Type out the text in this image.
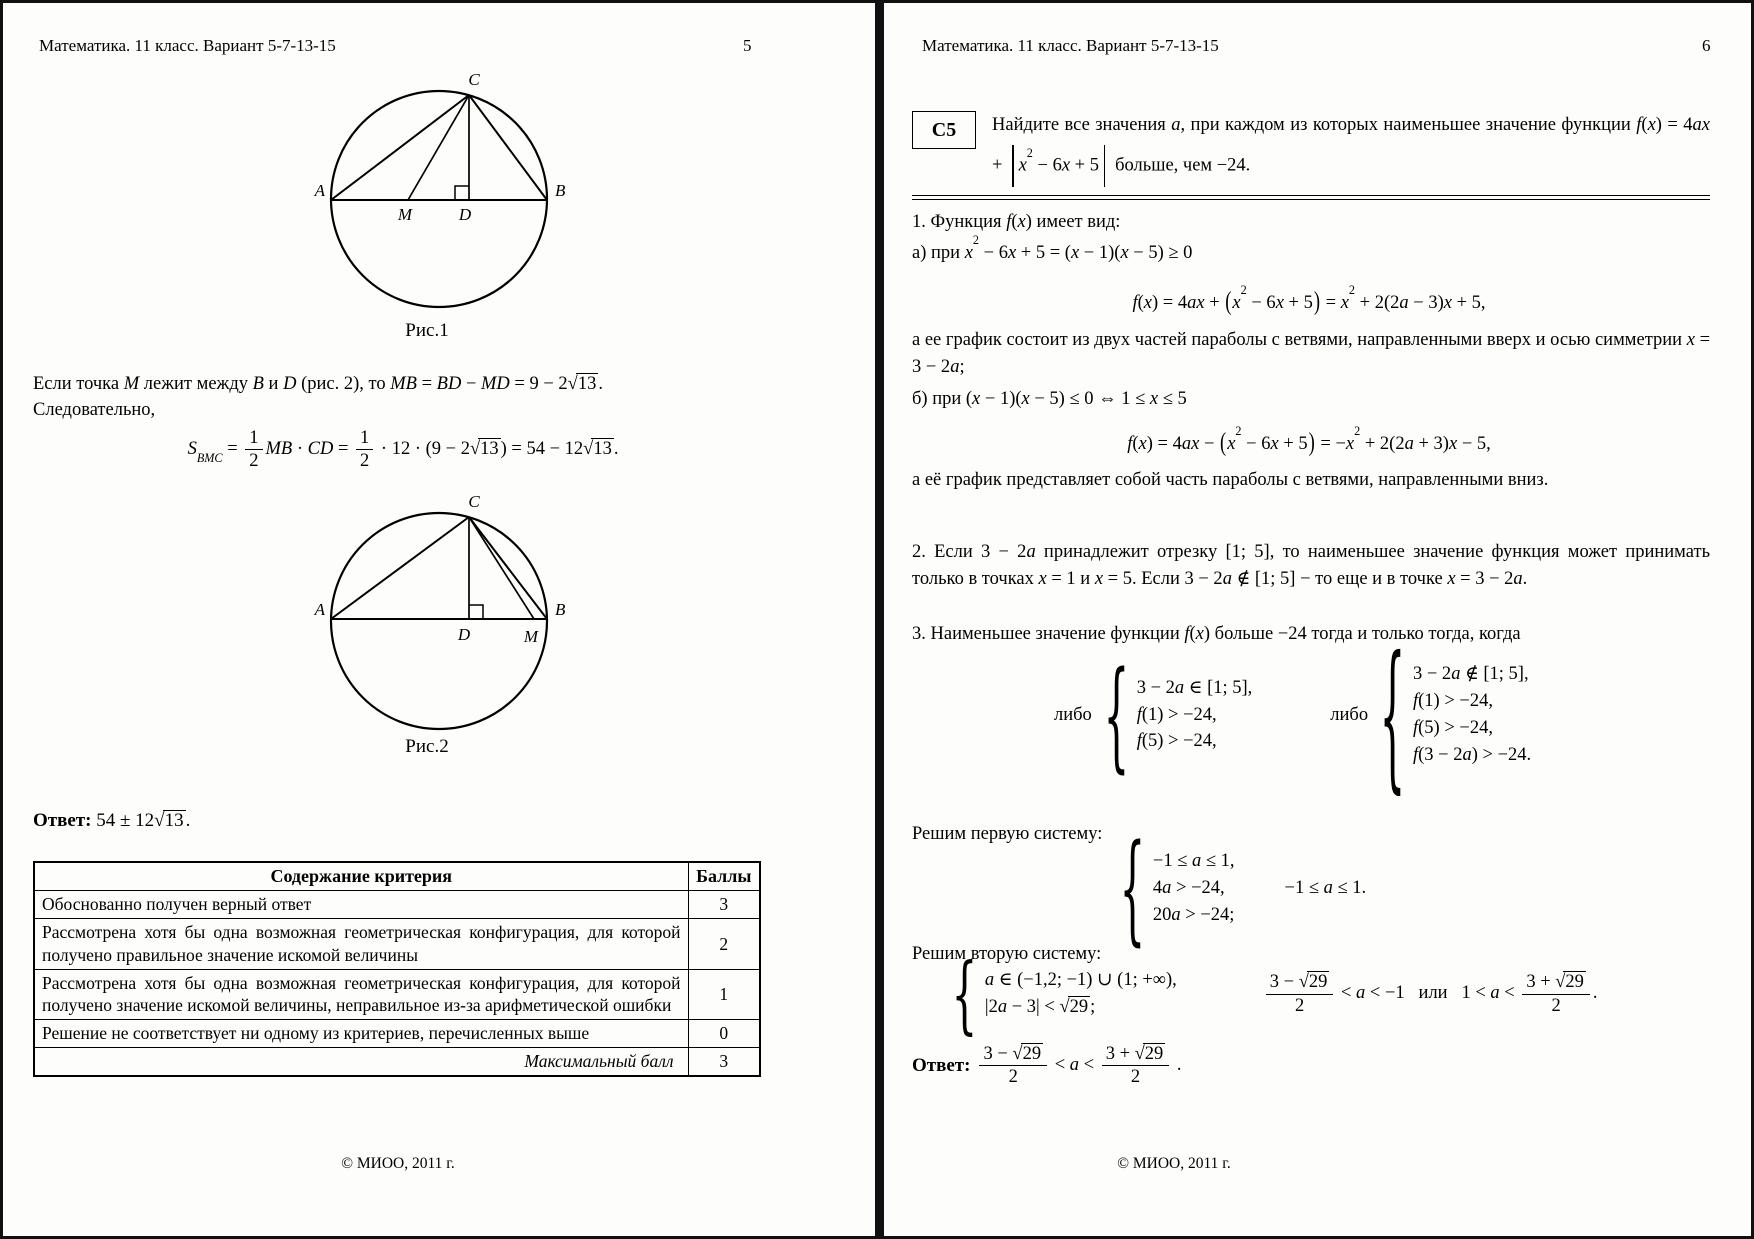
Математика. 11 класс. Вариант 5-7-13-15	5
A	B
C
M	D
Рис.1
Если точка M лежит между B и D (рис. 2), то MB = BD − MD = 9 − 2√13 .
Следовательно,
$S_{BMC} = \frac{1}{2}$ MB · CD = $\frac{1}{2} \cdot 12 \cdot (9 - 2√13$ ) = 54 − 12√13 .
A	B
C
D	M
Рис.2
Ответ: 54 ± 12√13 .
Содержание критерия	Баллы
Обоснованно получен верный ответ	3
Рассмотрена хотя бы одна возможная геометрическая конфигурация, для которой получено правильное значение искомой величины	2
Рассмотрена хотя бы одна возможная геометрическая конфигурация, для которой получено значение искомой величины, неправильное из-за арифметической ошибки	1
Решение не соответствует ни одному из критериев, перечисленных выше	0
Максимальный балл	3
© МИОО, 2011 г.
Математика. 11 класс. Вариант 5-7-13-15	6
С5	Найдите все значения a, при каждом из которых наименьшее значение функции $f(x) = 4ax + x^2 - 6x + 5$ больше, чем −24.
1. Функция f(x) имеет вид:
а) при $x^2 - 6x + 5 = (x - 1)(x - 5) \ge 0$
$f(x) = 4ax + (x^2 - 6x + 5) = x^2 + 2(2a - 3)x + 5$,
а ее график состоит из двух частей параболы с ветвями, направленными вверх и осью симметрии x = 3 − 2a;
б) при (x − 1)(x − 5) ≤ 0 ⇔ 1 ≤ x ≤ 5
$f(x) = 4ax - (x^2 - 6x + 5) = -x^2 + 2(2a + 3)x - 5$,
а её график представляет собой часть параболы с ветвями, направленными вниз.
2. Если 3 − 2a принадлежит отрезку [1; 5], то наименьшее значение функция может принимать только в точках x = 1 и x = 5. Если 3 − 2a ∉ [1; 5] − то еще и в точке x = 3 − 2a.
3. Наименьшее значение функции f(x) больше −24 тогда и только тогда, когда
либо { 3 − 2a ∈ [1; 5],
f(1) > −24,
f(5) > −24,
либо { 3 − 2a ∉ [1; 5],
f(1) > −24,
f(5) > −24,
f(3 − 2a) > −24.
Решим первую систему: { −1 ≤ a ≤ 1,
4a > −24,
20a > −24;
−1 ≤ a ≤ 1.
Решим вторую систему:
{ a ∈ (−1,2; −1) ∪ (1; +∞),
|2a − 3| < √29 ;	$\frac{3 - √29}{2} < a < -1$   или   $1 < a < \frac{3 + √29}{2}$ .
Ответ: $\frac{3 - √29}{2} < a < \frac{3 + √29}{2}$ .
© МИОО, 2011 г.
